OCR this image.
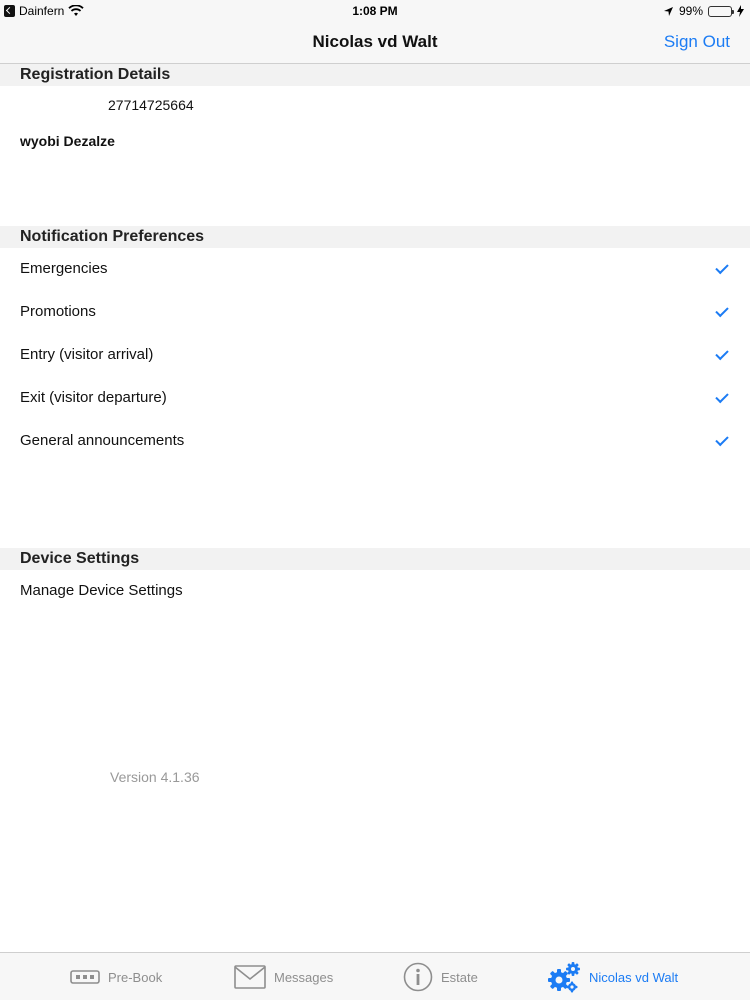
Dainfern	1:08 PM	99%
Nicolas vd Walt	Sign Out
Registration Details
27714725664
wyobi Dezalze
Notification Preferences
Emergencies
Promotions
Entry (visitor arrival)
Exit (visitor departure)
General announcements
Device Settings
Manage Device Settings
Version 4.1.36
Pre-Book	Messages	Estate	Nicolas vd Walt
